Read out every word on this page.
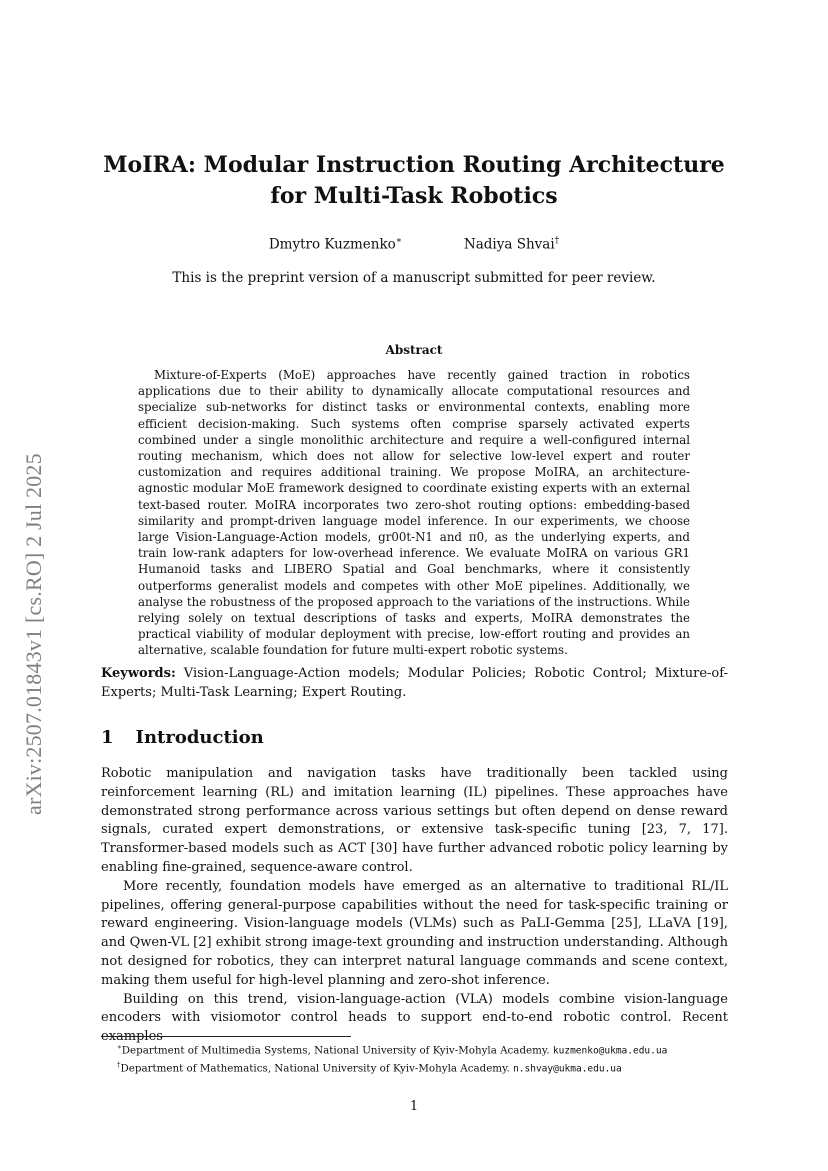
arXiv:2507.01843v1 [cs.RO] 2 Jul 2025
MoIRA: Modular Instruction Routing Architecture
for Multi-Task Robotics
Dmytro Kuzmenko∗	Nadiya Shvai†
This is the preprint version of a manuscript submitted for peer review.
Abstract

Mixture-of-Experts (MoE) approaches have recently gained traction in robotics applications due to their ability to dynamically allocate computational resources and specialize sub-networks for distinct tasks or environmental contexts, enabling more efficient decision-making. Such systems often comprise sparsely activated experts combined under a single monolithic architecture and require a well-configured internal routing mechanism, which does not allow for selective low-level expert and router customization and requires additional training. We propose MoIRA, an architecture-agnostic modular MoE framework designed to coordinate existing experts with an external text-based router. MoIRA incorporates two zero-shot routing options: embedding-based similarity and prompt-driven language model inference. In our experiments, we choose large Vision-Language-Action models, gr00t-N1 and π0, as the underlying experts, and train low-rank adapters for low-overhead inference. We evaluate MoIRA on various GR1 Humanoid tasks and LIBERO Spatial and Goal benchmarks, where it consistently outperforms generalist models and competes with other MoE pipelines. Additionally, we analyse the robustness of the proposed approach to the variations of the instructions. While relying solely on textual descriptions of tasks and experts, MoIRA demonstrates the practical viability of modular deployment with precise, low-effort routing and provides an alternative, scalable foundation for future multi-expert robotic systems.

Keywords: Vision-Language-Action models; Modular Policies; Robotic Control; Mixture-of-Experts; Multi-Task Learning; Expert Routing.

1 Introduction

Robotic manipulation and navigation tasks have traditionally been tackled using reinforcement learning (RL) and imitation learning (IL) pipelines. These approaches have demonstrated strong performance across various settings but often depend on dense reward signals, curated expert demonstrations, or extensive task-specific tuning [23, 7, 17]. Transformer-based models such as ACT [30] have further advanced robotic policy learning by enabling fine-grained, sequence-aware control.

More recently, foundation models have emerged as an alternative to traditional RL/IL pipelines, offering general-purpose capabilities without the need for task-specific training or reward engineering. Vision-language models (VLMs) such as PaLI-Gemma [25], LLaVA [19], and Qwen-VL [2] exhibit strong image-text grounding and instruction understanding. Although not designed for robotics, they can interpret natural language commands and scene context, making them useful for high-level planning and zero-shot inference.

Building on this trend, vision-language-action (VLA) models combine vision-language encoders with visiomotor control heads to support end-to-end robotic control. Recent examples

∗Department of Multimedia Systems, National University of Kyiv-Mohyla Academy. kuzmenko@ukma.edu.ua
†Department of Mathematics, National University of Kyiv-Mohyla Academy. n.shvay@ukma.edu.ua
1
